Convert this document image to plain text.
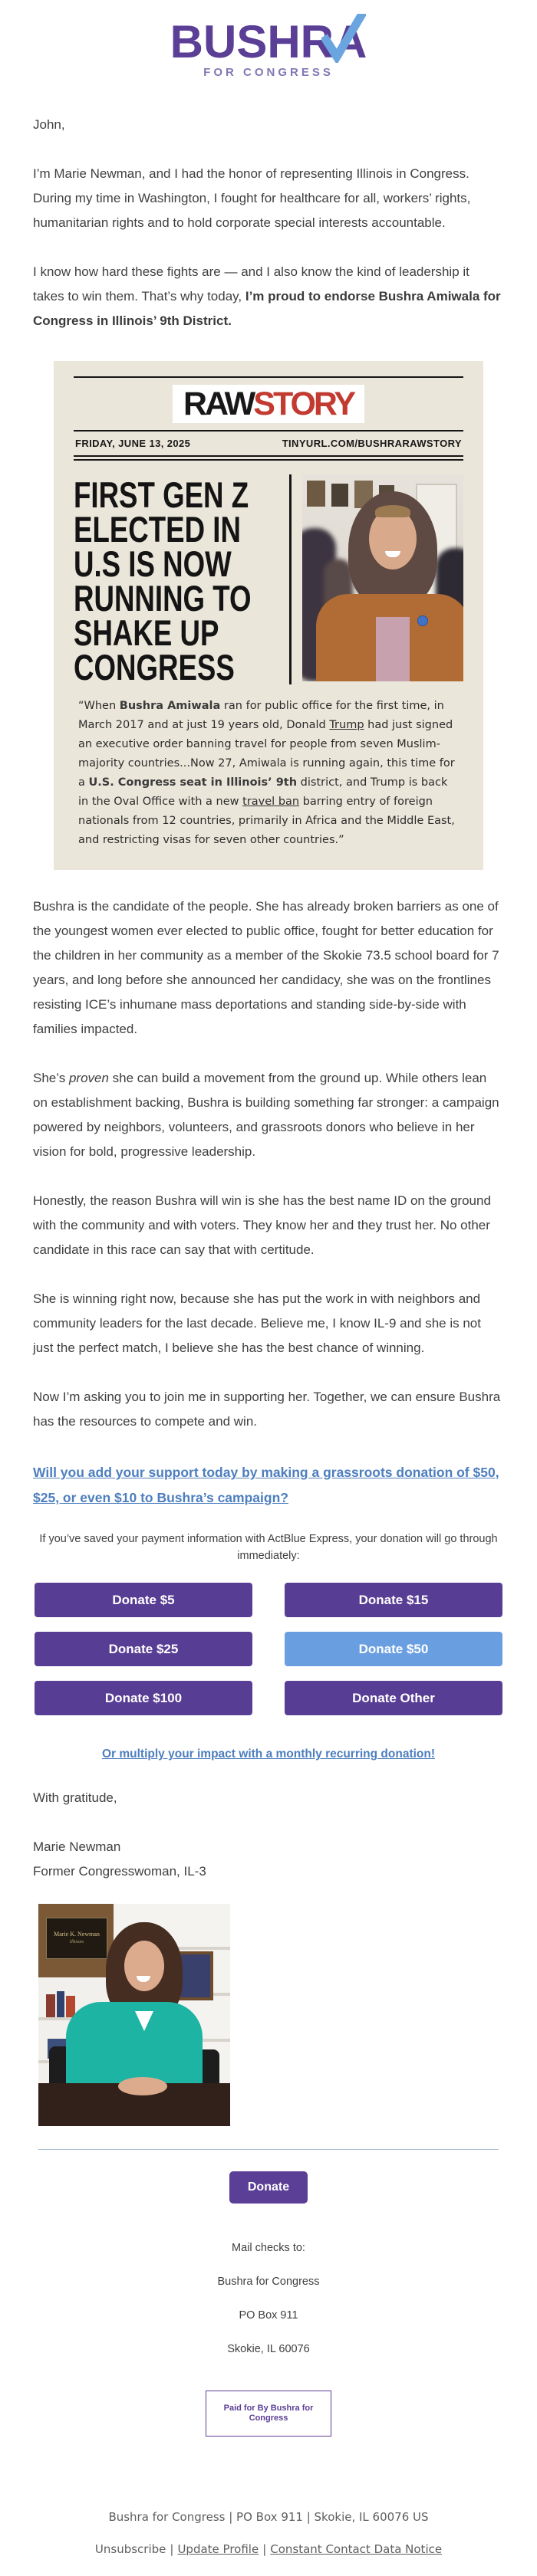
BUSHRA
FOR CONGRESS

John,

I’m Marie Newman, and I had the honor of representing Illinois in Congress. During my time in Washington, I fought for healthcare for all, workers’ rights, humanitarian rights and to hold corporate special interests accountable.

I know how hard these fights are — and I also know the kind of leadership it takes to win them. That’s why today, I’m proud to endorse Bushra Amiwala for Congress in Illinois’ 9th District.

RAWSTORY
FRIDAY, JUNE 13, 2025	TINYURL.COM/BUSHRARAWSTORY
FIRST GEN Z
ELECTED IN
U.S IS NOW
RUNNING TO
SHAKE UP
CONGRESS
“When Bushra Amiwala ran for public office for the first time, in March 2017 and at just 19 years old, Donald Trump had just signed an executive order banning travel for people from seven Muslim-majority countries...Now 27, Amiwala is running again, this time for a U.S. Congress seat in Illinois’ 9th district, and Trump is back in the Oval Office with a new travel ban barring entry of foreign nationals from 12 countries, primarily in Africa and the Middle East, and restricting visas for seven other countries.”

Bushra is the candidate of the people. She has already broken barriers as one of the youngest women ever elected to public office, fought for better education for the children in her community as a member of the Skokie 73.5 school board for 7 years, and long before she announced her candidacy, she was on the frontlines resisting ICE’s inhumane mass deportations and standing side-by-side with families impacted.

She’s proven she can build a movement from the ground up. While others lean on establishment backing, Bushra is building something far stronger: a campaign powered by neighbors, volunteers, and grassroots donors who believe in her vision for bold, progressive leadership.

Honestly, the reason Bushra will win is she has the best name ID on the ground with the community and with voters. They know her and they trust her. No other candidate in this race can say that with certitude.

She is winning right now, because she has put the work in with neighbors and community leaders for the last decade. Believe me, I know IL-9 and she is not just the perfect match, I believe she has the best chance of winning.

Now I’m asking you to join me in supporting her. Together, we can ensure Bushra has the resources to compete and win.

Will you add your support today by making a grassroots donation of $50, $25, or even $10 to Bushra’s campaign?

If you’ve saved your payment information with ActBlue Express, your donation will go through immediately:

Donate $5	Donate $15
Donate $25	Donate $50
Donate $100	Donate Other
Or multiply your impact with a monthly recurring donation!

With gratitude,

Marie Newman

Former Congresswoman, IL-3

Marie K. Newman
Illinois
Donate

Mail checks to:

Bushra for Congress

PO Box 911

Skokie, IL 60076

Paid for By Bushra for Congress

Bushra for Congress | PO Box 911 | Skokie, IL 60076 US

Unsubscribe | Update Profile | Constant Contact Data Notice
